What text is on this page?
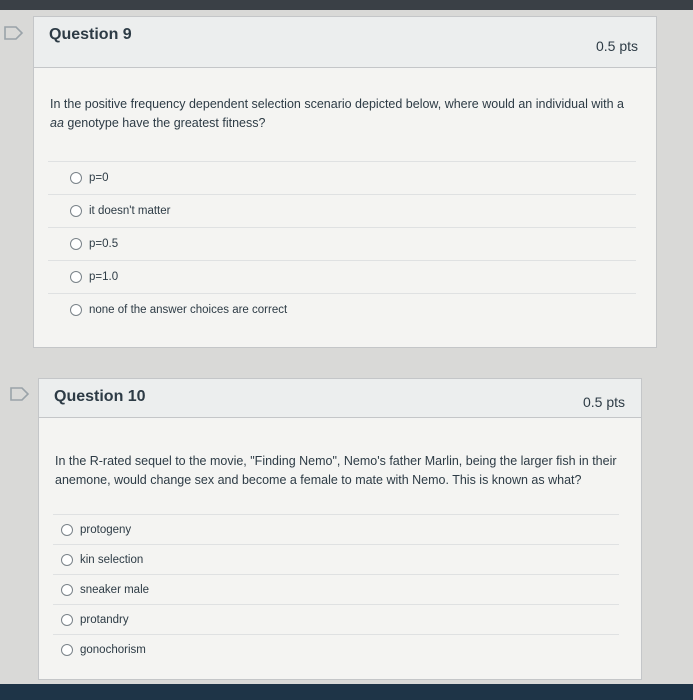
Question 9
0.5 pts
In the positive frequency dependent selection scenario depicted below, where would an individual with a aa genotype have the greatest fitness?
p=0
it doesn't matter
p=0.5
p=1.0
none of the answer choices are correct
Question 10	0.5 pts
In the R-rated sequel to the movie, "Finding Nemo", Nemo's father Marlin, being the larger fish in their anemone, would change sex and become a female to mate with Nemo. This is known as what?
protogeny
kin selection
sneaker male
protandry
gonochorism
